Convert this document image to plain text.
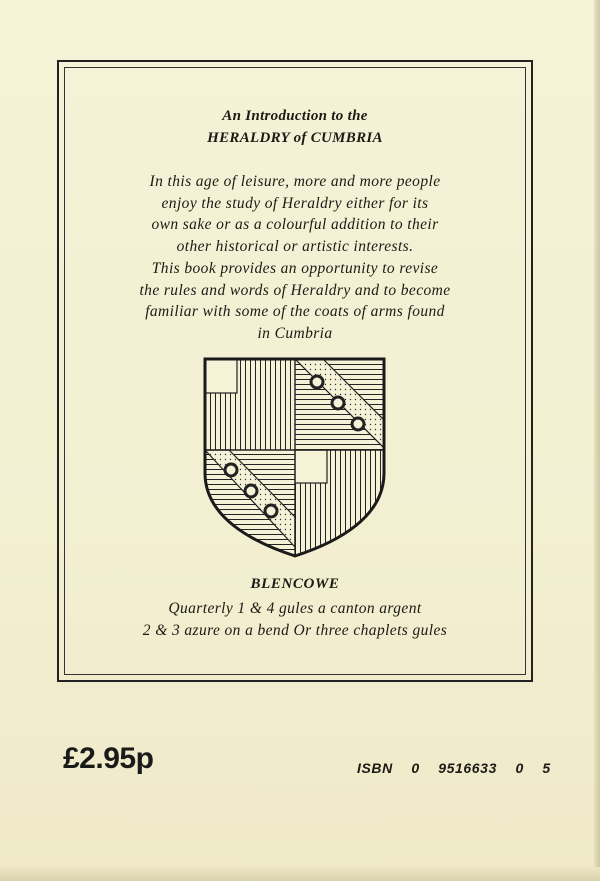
An Introduction to the
HERALDRY of CUMBRIA
In this age of leisure, more and more people
enjoy the study of Heraldry either for its
own sake or as a colourful addition to their
other historical or artistic interests.
This book provides an opportunity to revise
the rules and words of Heraldry and to become
familiar with some of the coats of arms found
in Cumbria
BLENCOWE
Quarterly 1 & 4 gules a canton argent
2 & 3 azure on a bend Or three chaplets gules
£2.95p	ISBN 0 9516633 0 5
